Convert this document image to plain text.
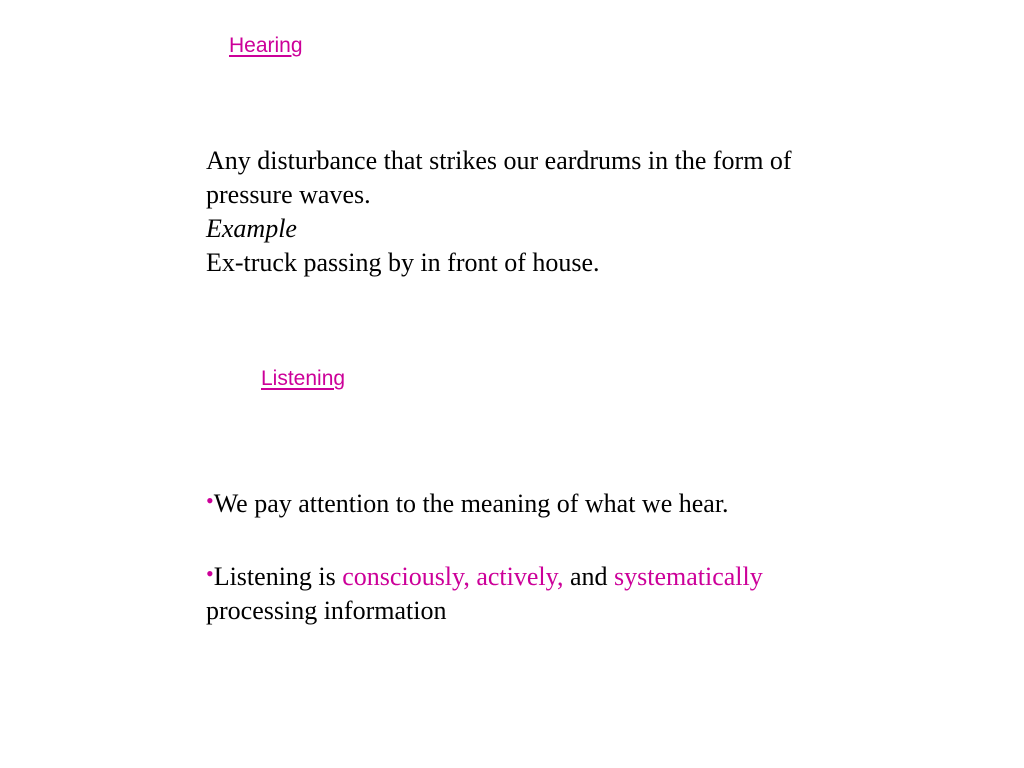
Hearing
Any disturbance that strikes our eardrums in the form of
pressure waves.
Example
Ex-truck passing by in front of house.
Listening
•We pay attention to the meaning of what we hear.
•Listening is consciously, actively, and systematically
processing information
